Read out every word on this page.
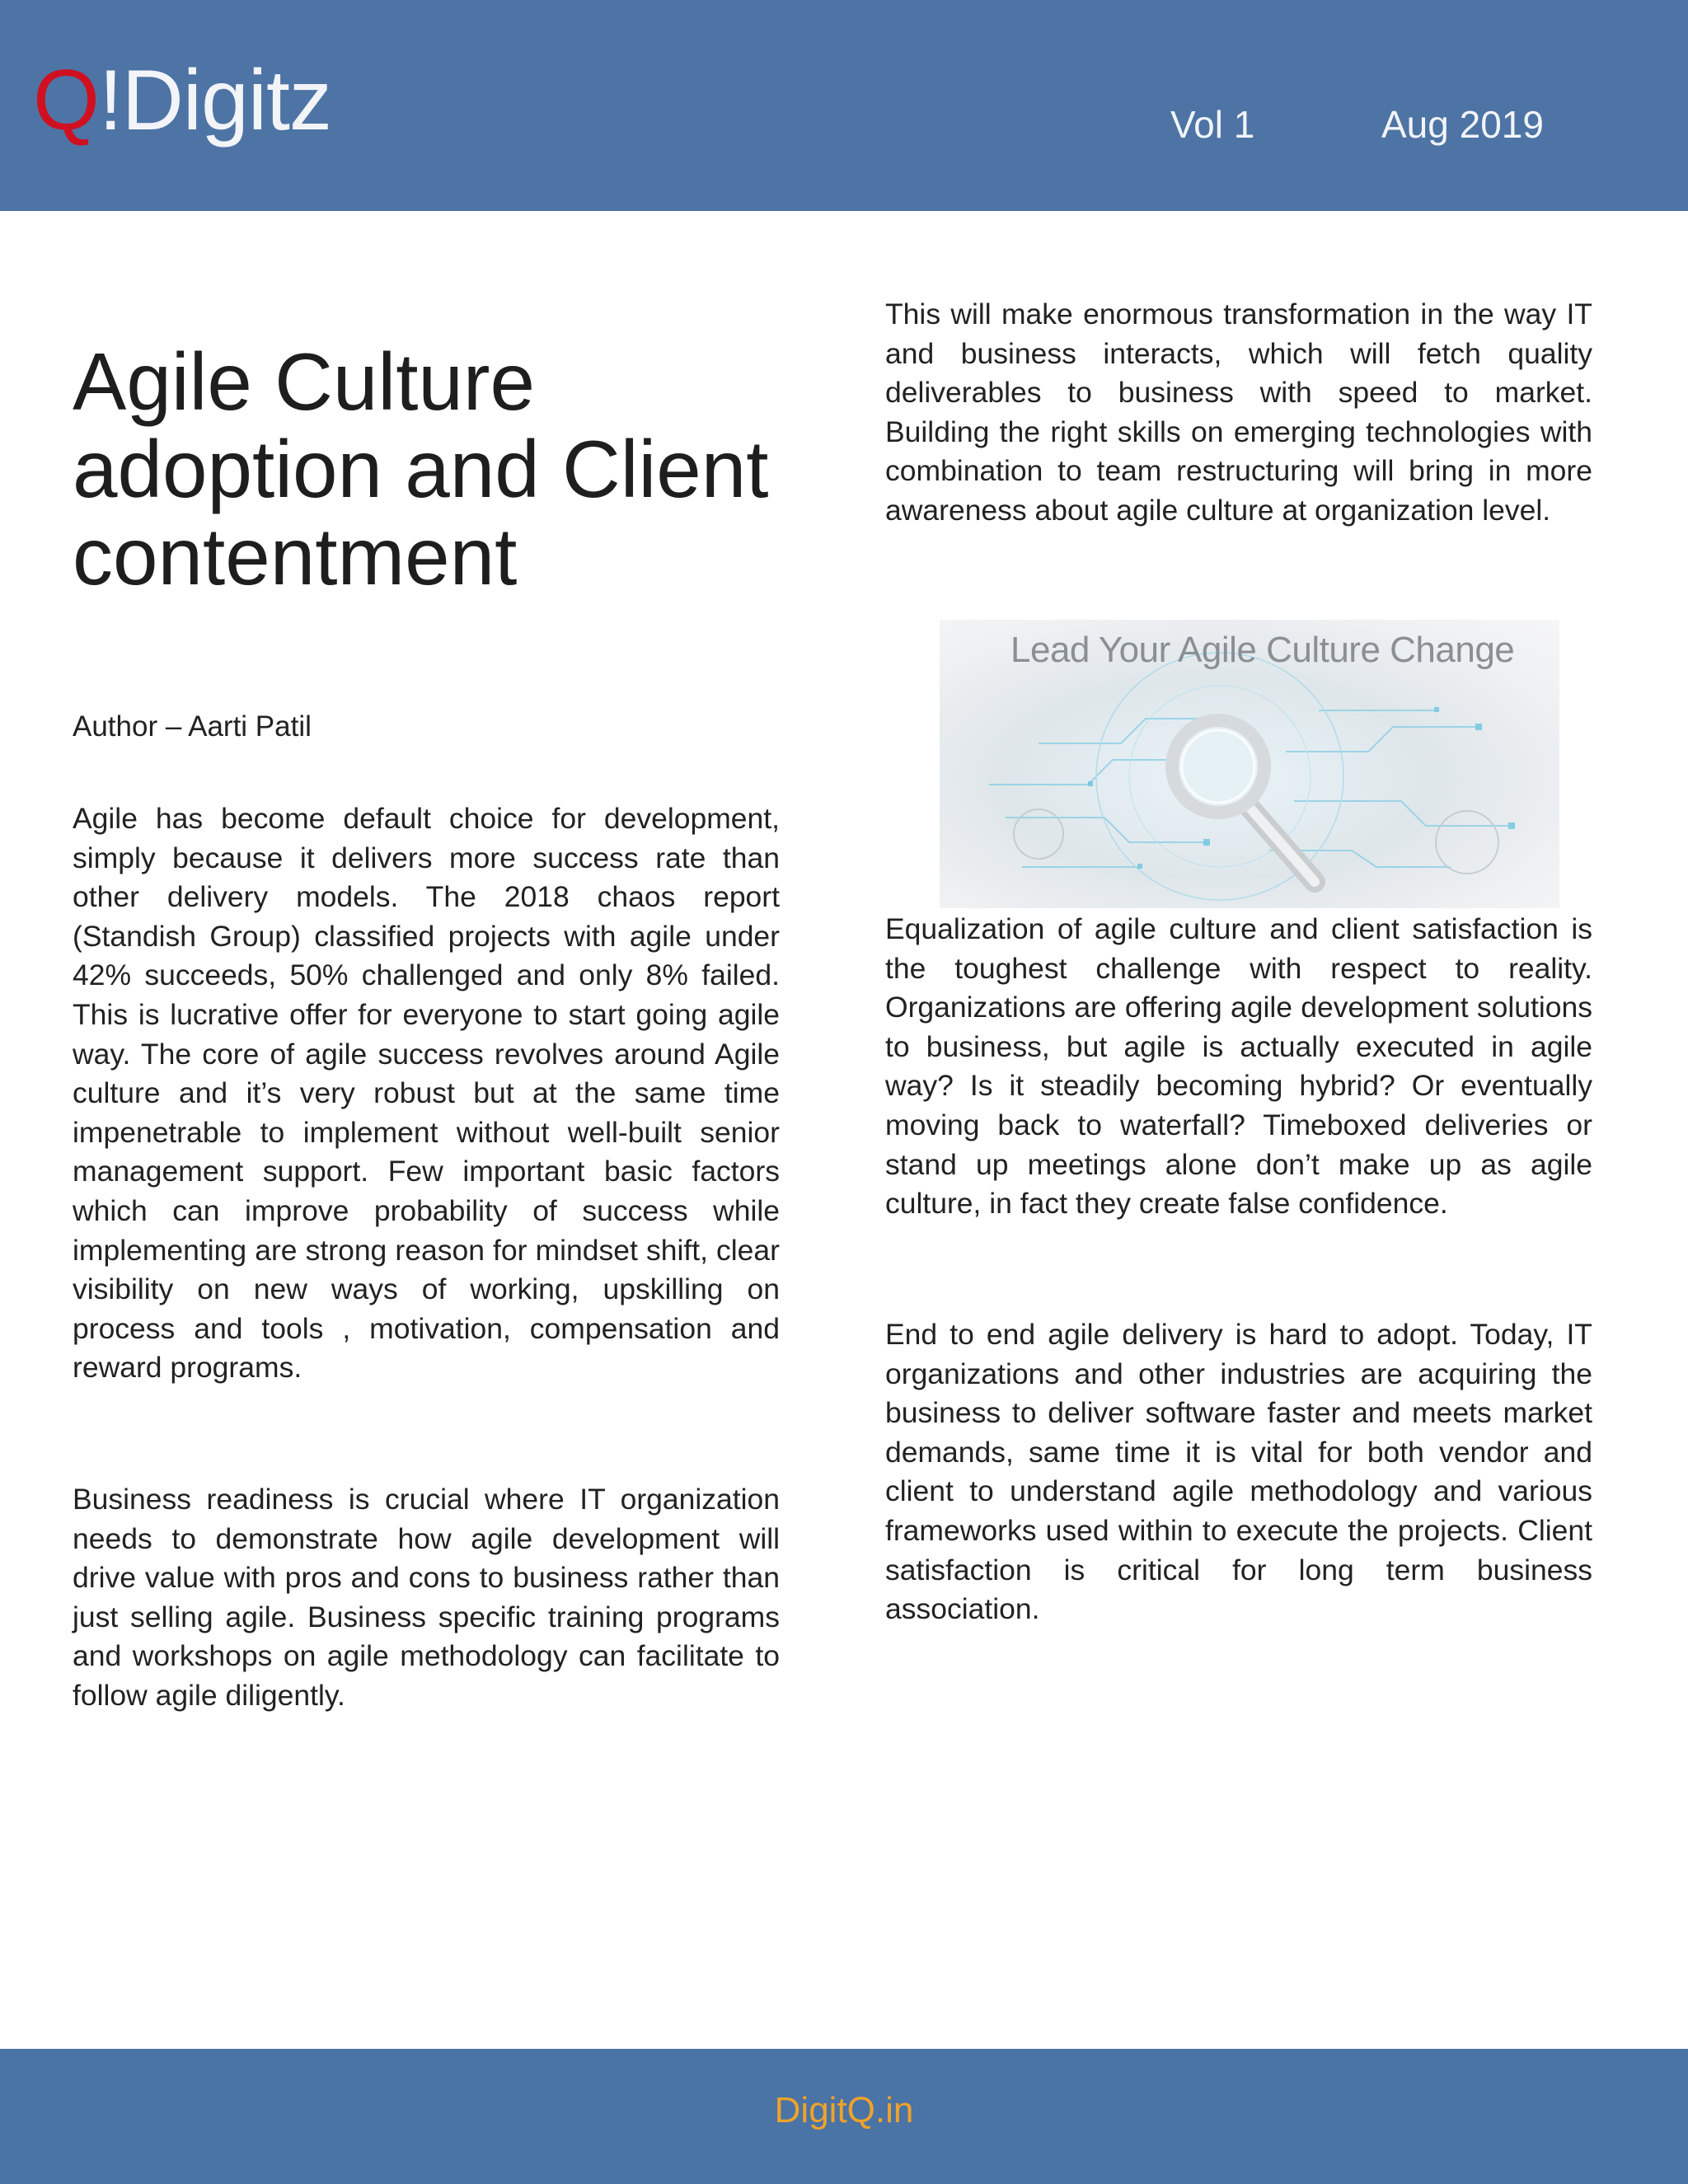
Q!Digitz	Vol 1	Aug 2019
Agile Culture adoption and Client contentment
Author – Aarti Patil

Agile has become default choice for development, simply because it delivers more success rate than other delivery models. The 2018 chaos report (Standish Group) classified projects with agile under 42% succeeds, 50% challenged and only 8% failed. This is lucrative offer for everyone to start going agile way. The core of agile success revolves around Agile culture and it’s very robust but at the same time impenetrable to implement without well-built senior management support. Few important basic factors which can improve probability of success while implementing are strong reason for mindset shift, clear visibility on new ways of working, upskilling on process and tools , motivation, compensation and reward programs.

Business readiness is crucial where IT organization needs to demonstrate how agile development will drive value with pros and cons to business rather than just selling agile. Business specific training programs and workshops on agile methodology can facilitate to follow agile diligently.

This will make enormous transformation in the way IT and business interacts, which will fetch quality deliverables to business with speed to market. Building the right skills on emerging technologies with combination to team restructuring will bring in more awareness about agile culture at organization level.

Lead Your Agile Culture Change

Equalization of agile culture and client satisfaction is the toughest challenge with respect to reality. Organizations are offering agile development solutions to business, but agile is actually executed in agile way? Is it steadily becoming hybrid? Or eventually moving back to waterfall? Timeboxed deliveries or stand up meetings alone don’t make up as agile culture, in fact they create false confidence.

End to end agile delivery is hard to adopt. Today, IT organizations and other industries are acquiring the business to deliver software faster and meets market demands, same time it is vital for both vendor and client to understand agile methodology and various frameworks used within to execute the projects. Client satisfaction is critical for long term business association.

DigitQ.in
